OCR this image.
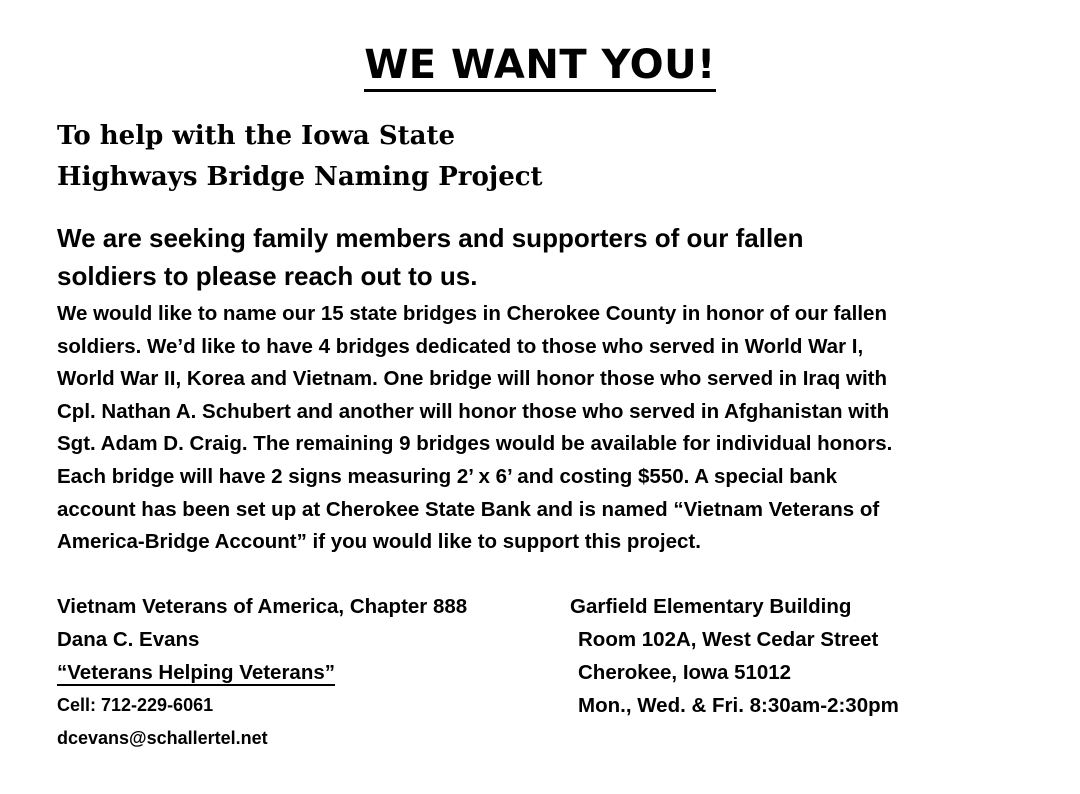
WE WANT YOU!
To help with the Iowa State
Highways Bridge Naming Project
We are seeking family members and supporters of our fallen
soldiers to please reach out to us.
We would like to name our 15 state bridges in Cherokee County in honor of our fallen
soldiers. We’d like to have 4 bridges dedicated to those who served in World War I,
World War II, Korea and Vietnam. One bridge will honor those who served in Iraq with
Cpl. Nathan A. Schubert and another will honor those who served in Afghanistan with
Sgt. Adam D. Craig. The remaining 9 bridges would be available for individual honors.
Each bridge will have 2 signs measuring 2’ x 6’ and costing $550. A special bank
account has been set up at Cherokee State Bank and is named “Vietnam Veterans of
America-Bridge Account” if you would like to support this project.
Vietnam Veterans of America, Chapter 888
Dana C. Evans
“Veterans Helping Veterans”
Cell: 712-229-6061
dcevans@schallertel.net
Garfield Elementary Building
Room 102A, West Cedar Street
Cherokee, Iowa 51012
Mon., Wed. & Fri. 8:30am-2:30pm
